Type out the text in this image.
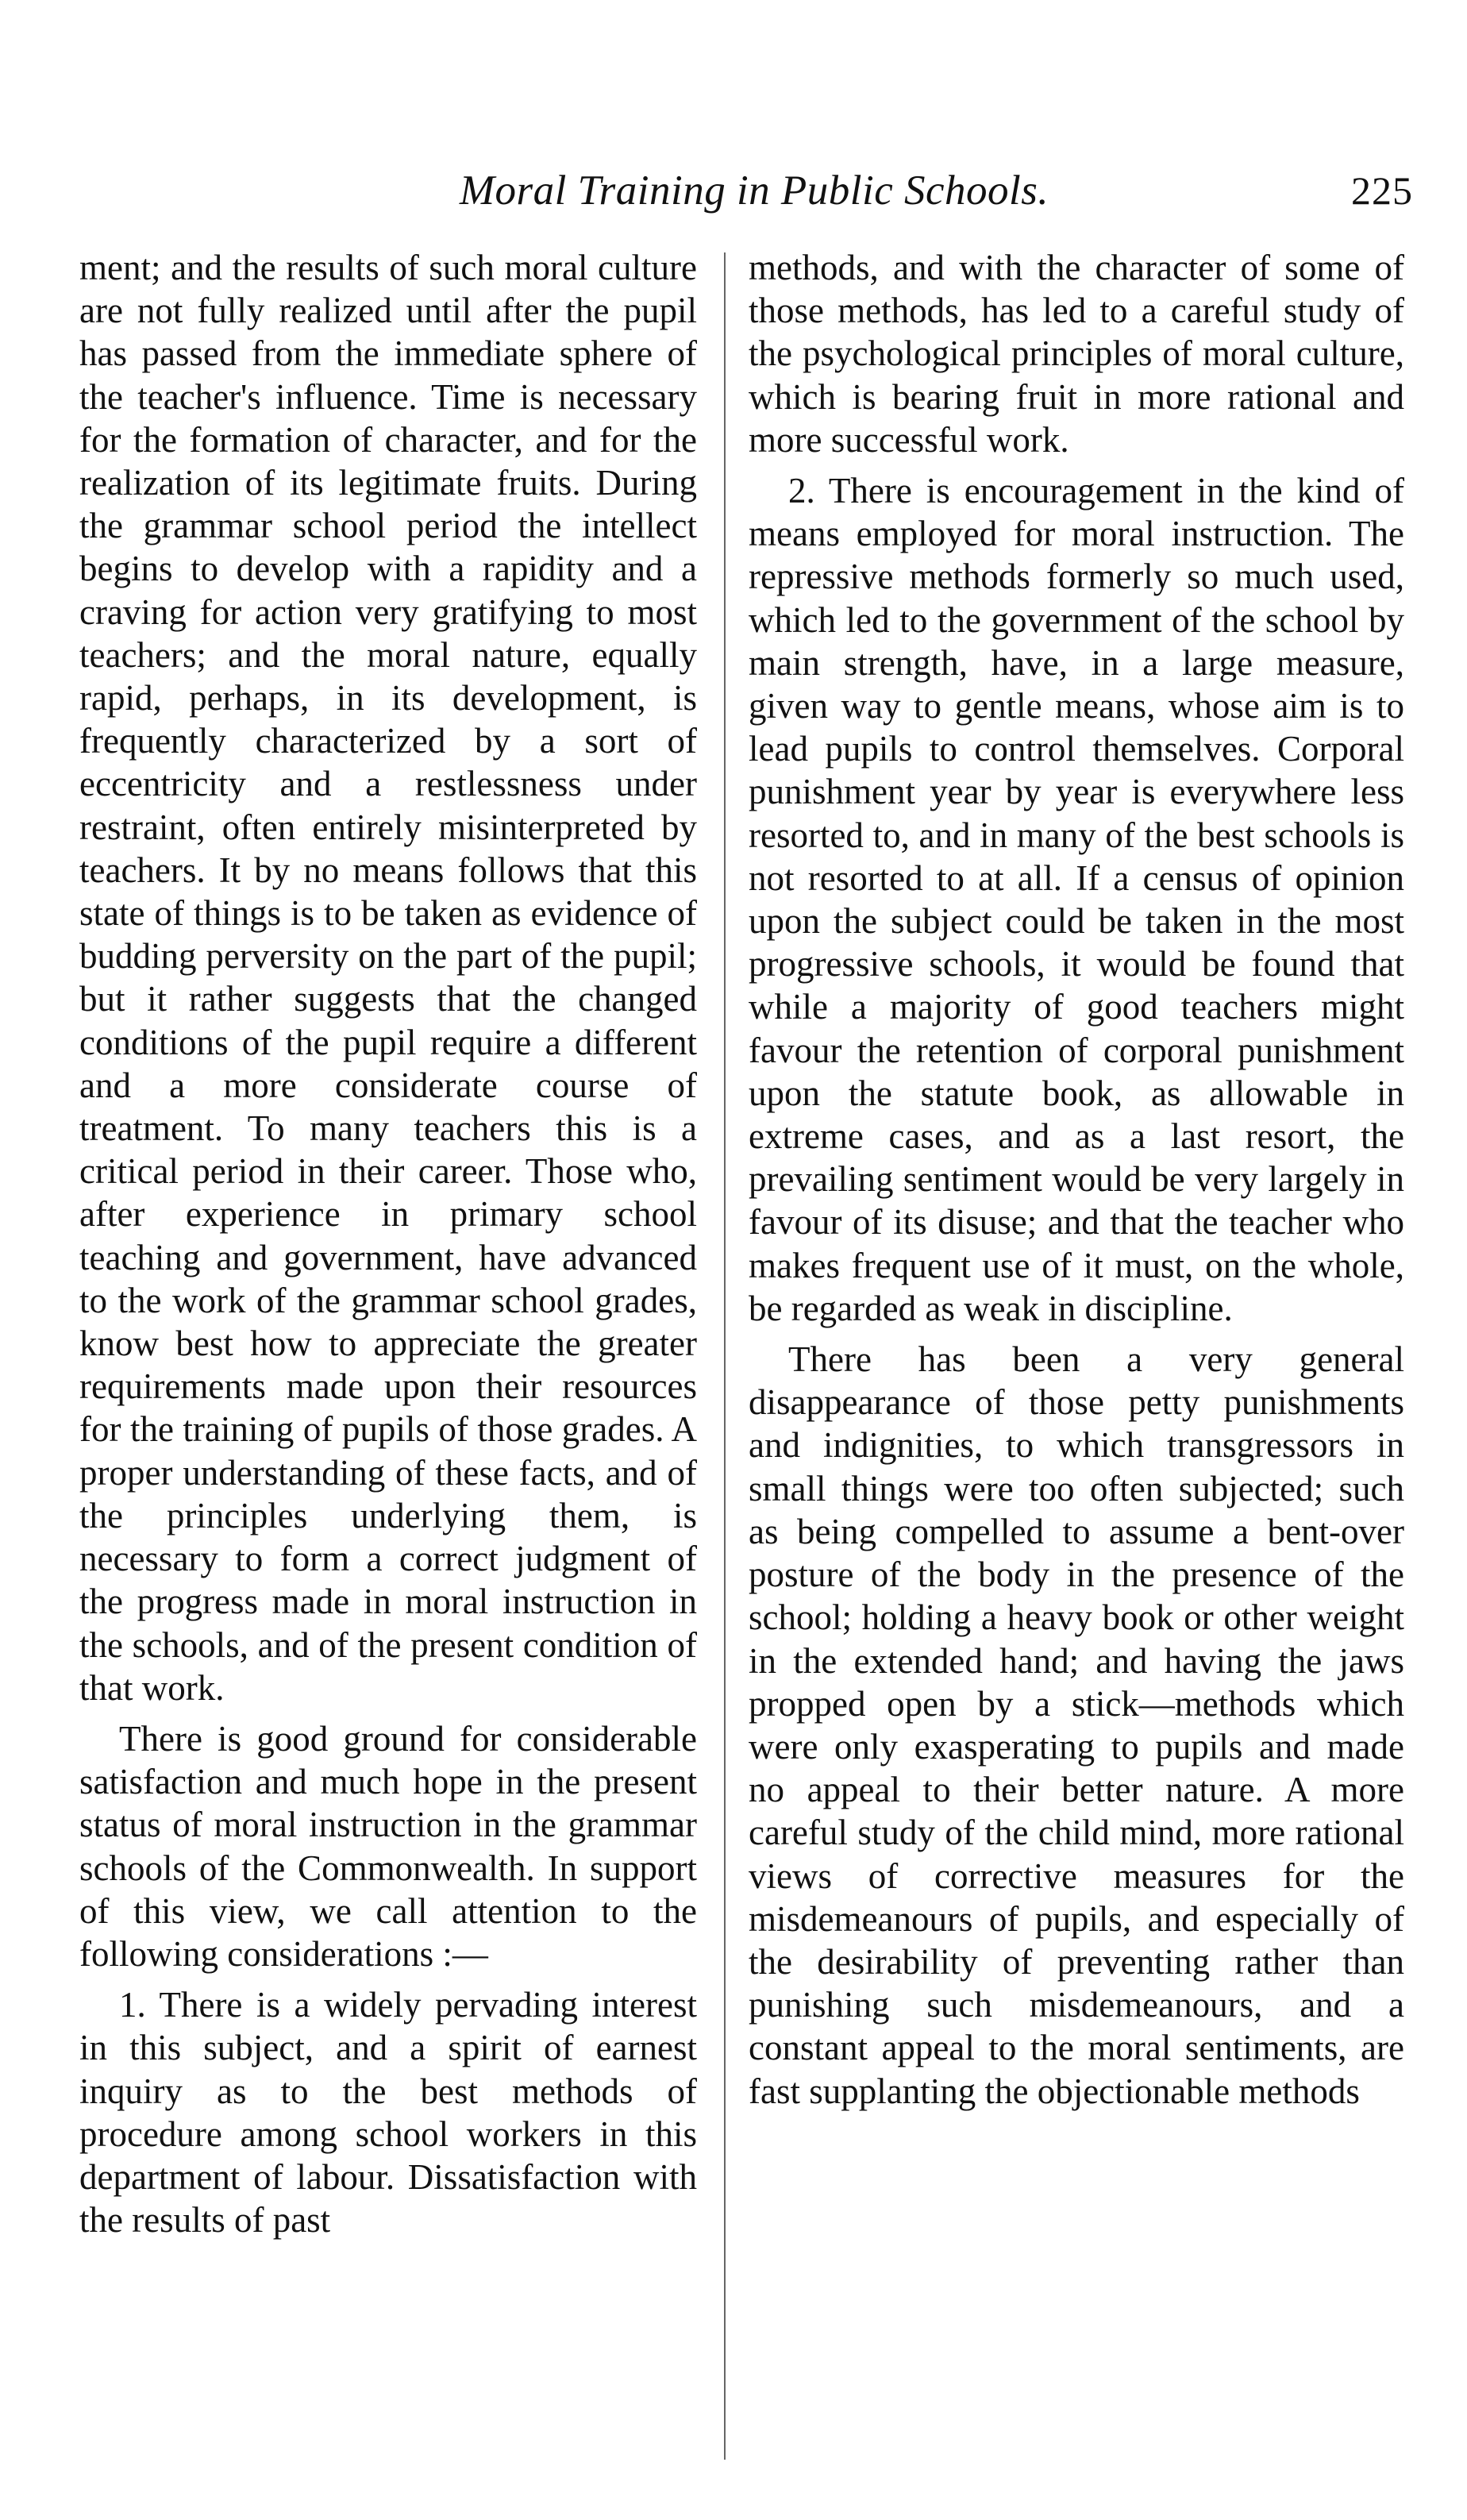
Moral Training in Public Schools.	225

ment; and the results of such moral culture are not fully realized until after the pupil has passed from the immediate sphere of the teacher's influence. Time is necessary for the formation of character, and for the realization of its legitimate fruits. During the grammar school period the intellect begins to develop with a rapidity and a craving for action very gratifying to most teachers; and the moral nature, equally rapid, perhaps, in its development, is frequently characterized by a sort of eccentricity and a restlessness under restraint, often entirely misinterpreted by teachers. It by no means follows that this state of things is to be taken as evidence of budding perversity on the part of the pupil; but it rather suggests that the changed conditions of the pupil require a different and a more considerate course of treatment. To many teachers this is a critical period in their career. Those who, after experience in primary school teaching and government, have advanced to the work of the grammar school grades, know best how to appreciate the greater requirements made upon their resources for the training of pupils of those grades. A proper understanding of these facts, and of the principles underlying them, is necessary to form a correct judgment of the progress made in moral instruction in the schools, and of the present condition of that work.

There is good ground for considerable satisfaction and much hope in the present status of moral instruction in the grammar schools of the Commonwealth. In support of this view, we call attention to the following considerations :—

1. There is a widely pervading interest in this subject, and a spirit of earnest inquiry as to the best methods of procedure among school workers in this department of labour. Dissatisfaction with the results of past

methods, and with the character of some of those methods, has led to a careful study of the psychological principles of moral culture, which is bearing fruit in more rational and more successful work.

2. There is encouragement in the kind of means employed for moral instruction. The repressive methods formerly so much used, which led to the government of the school by main strength, have, in a large measure, given way to gentle means, whose aim is to lead pupils to control themselves. Corporal punishment year by year is everywhere less resorted to, and in many of the best schools is not resorted to at all. If a census of opinion upon the subject could be taken in the most progressive schools, it would be found that while a majority of good teachers might favour the retention of corporal punishment upon the statute book, as allowable in extreme cases, and as a last resort, the prevailing sentiment would be very largely in favour of its disuse; and that the teacher who makes frequent use of it must, on the whole, be regarded as weak in discipline.

There has been a very general disappearance of those petty punishments and indignities, to which transgressors in small things were too often subjected; such as being compelled to assume a bent-over posture of the body in the presence of the school; holding a heavy book or other weight in the extended hand; and having the jaws propped open by a stick—methods which were only exasperating to pupils and made no appeal to their better nature. A more careful study of the child mind, more rational views of corrective measures for the misdemeanours of pupils, and especially of the desirability of preventing rather than punishing such misdemeanours, and a constant appeal to the moral sentiments, are fast supplanting the objectionable methods
